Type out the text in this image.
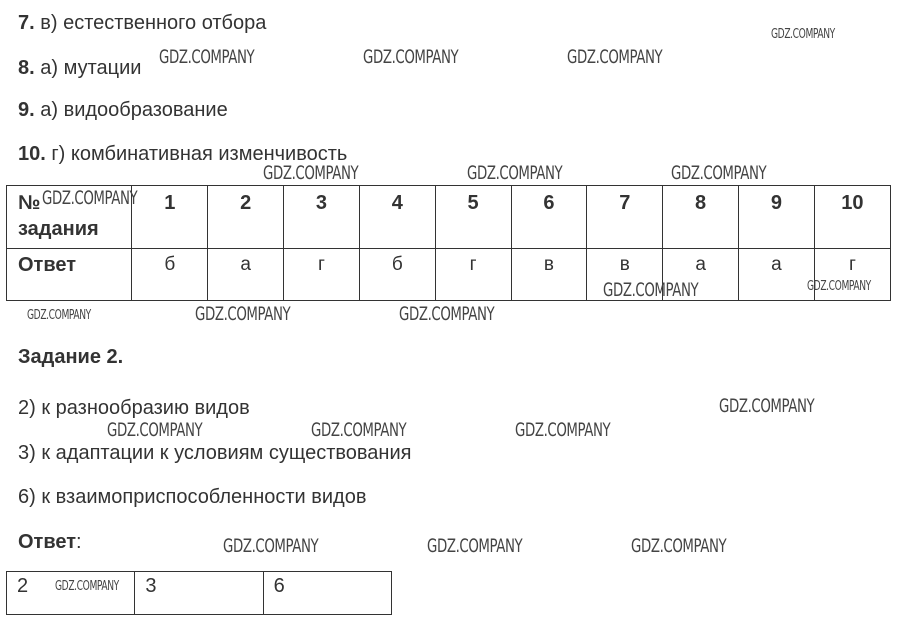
7. в) естественного отбора
8. а) мутации
9. а) видообразование
10. г) комбинативная изменчивость
№
задания	1	2	3	4	5	6	7	8	9	10

Ответ	б	а	г	б	г	в	в	а	а	г
Задание 2.
2) к разнообразию видов
3) к адаптации к условиям существования
6) к взаимоприспособленности видов
Ответ:
2	3	6
GDZ.COMPANY
GDZ.COMPANY	GDZ.COMPANY	GDZ.COMPANY
GDZ.COMPANY	GDZ.COMPANY	GDZ.COMPANY
GDZ.COMPANY
GDZ.COMPANY	GDZ.COMPANY
GDZ.COMPANY	GDZ.COMPANY	GDZ.COMPANY
GDZ.COMPANY
GDZ.COMPANY	GDZ.COMPANY	GDZ.COMPANY
GDZ.COMPANY	GDZ.COMPANY	GDZ.COMPANY
GDZ.COMPANY
